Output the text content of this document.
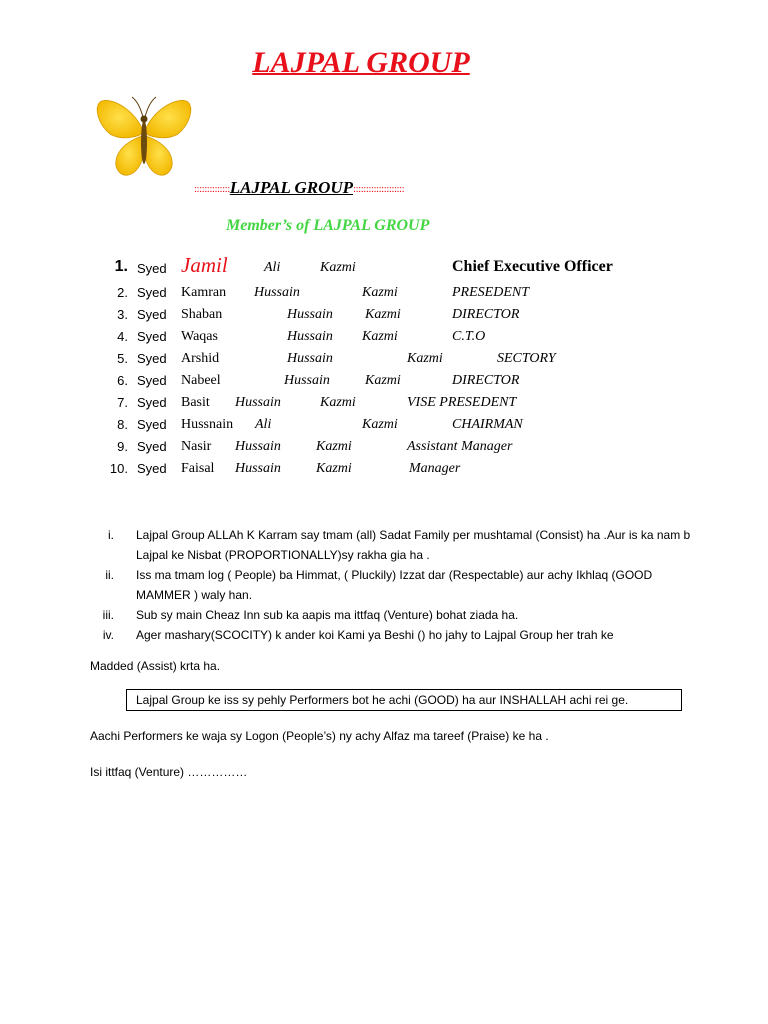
LAJPAL GROUP
::::::::::::::LAJPAL GROUP::::::::::::::::::::
Member’s of LAJPAL GROUP
1. Syed Jamil	Ali	Kazmi	Chief Executive Officer
2. Syed Kamran Hussain	Kazmi	PRESEDENT
3. Syed Shaban	Hussain Kazmi	DIRECTOR
4. Syed Waqas	Hussain Kazmi	C.T.O
5. Syed Arshid	Hussain	Kazmi	SECTORY
6. Syed Nabeel	Hussain	Kazmi	DIRECTOR
7. Syed Basit Hussain	Kazmi	VISE PRESEDENT
8. Syed Hussnain Ali	Kazmi	CHAIRMAN
9. Syed Nasir Hussain	Kazmi	Assistant Manager
10. Syed Faisal Hussain	Kazmi	Manager
i. Lajpal Group ALLAh K Karram say tmam (all) Sadat Family per mushtamal (Consist) ha .Aur is ka nam b Lajpal ke Nisbat (PROPORTIONALLY)sy rakha gia ha .
ii. Iss ma tmam log ( People) ba Himmat, ( Pluckily) Izzat dar (Respectable) aur achy Ikhlaq (GOOD MAMMER ) waly han.
iii. Sub sy main Cheaz Inn sub ka aapis ma ittfaq (Venture) bohat ziada ha.
iv. Ager mashary(SCOCITY) k ander koi Kami ya Beshi () ho jahy to Lajpal Group her trah ke
Madded (Assist) krta ha.
Lajpal Group ke iss sy pehly Performers bot he achi (GOOD) ha aur INSHALLAH achi rei ge.
Aachi Performers ke waja sy Logon (People’s) ny achy Alfaz ma tareef (Praise) ke ha .
Isi ittfaq (Venture) ……………
